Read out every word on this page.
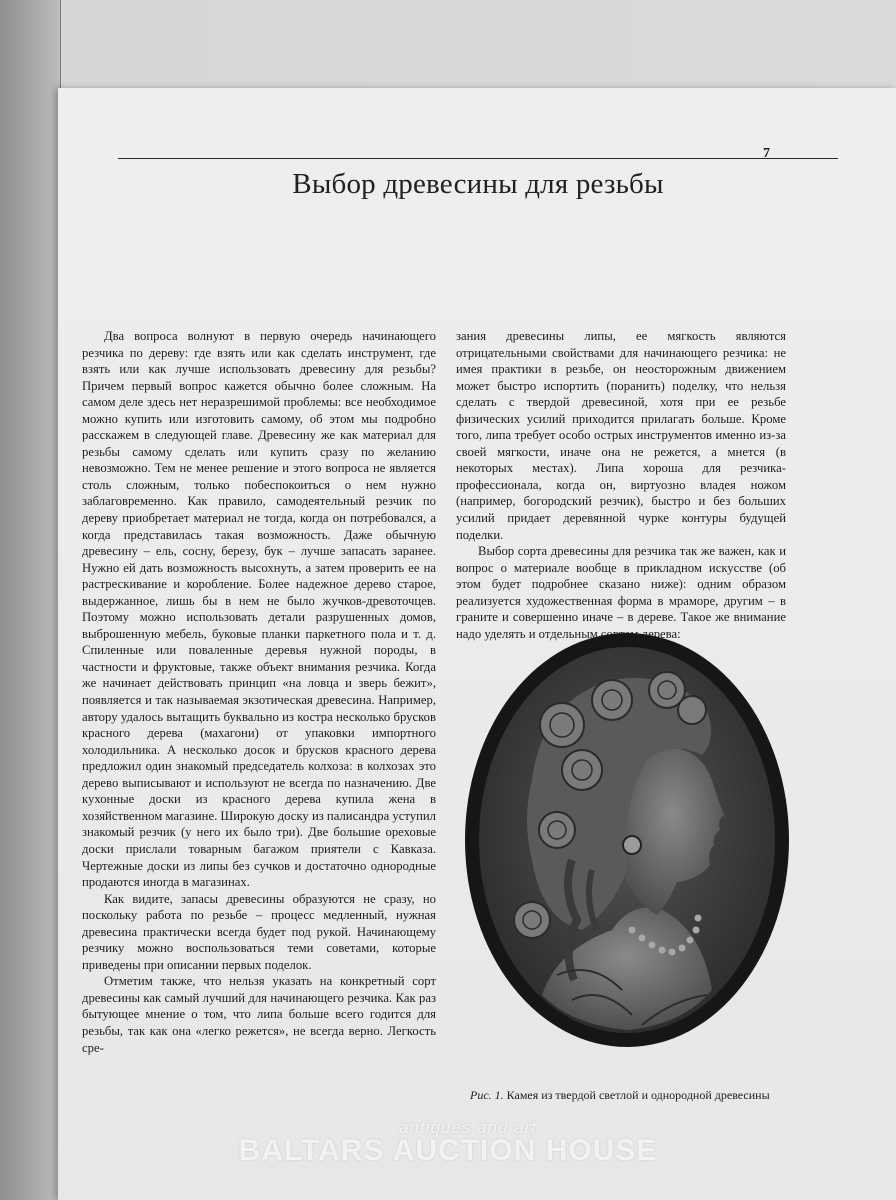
7
Выбор древесины для резьбы

Два вопроса волнуют в первую очередь начинающего резчика по дереву: где взять или как сделать инструмент, где взять или как лучше использовать древесину для резьбы? Причем первый вопрос кажется обычно более сложным. На самом деле здесь нет неразрешимой проблемы: все необходимое можно купить или изготовить самому, об этом мы подробно расскажем в следующей главе. Древесину же как материал для резьбы самому сделать или купить сразу по желанию невозможно. Тем не менее решение и этого вопроса не является столь сложным, только побеспокоиться о нем нужно заблаговременно. Как правило, самодеятельный резчик по дереву приобретает материал не тогда, когда он потребовался, а когда представилась такая возможность. Даже обычную древесину – ель, сосну, березу, бук – лучше запасать заранее. Нужно ей дать возможность высохнуть, а затем проверить ее на растрескивание и коробление. Более надежное дерево старое, выдержанное, лишь бы в нем не было жучков-древоточцев. Поэтому можно использовать детали разрушенных домов, выброшенную мебель, буковые планки паркетного пола и т. д. Спиленные или поваленные деревья нужной породы, в частности и фруктовые, также объект внимания резчика. Когда же начинает действовать принцип «на ловца и зверь бежит», появляется и так называемая экзотическая древесина. Например, автору удалось вытащить буквально из костра несколько брусков красного дерева (махагони) от упаковки импортного холодильника. А несколько досок и брусков красного дерева предложил один знакомый председатель колхоза: в колхозах это дерево выписывают и используют не всегда по назначению. Две кухонные доски из красного дерева купила жена в хозяйственном магазине. Широкую доску из палисандра уступил знакомый резчик (у него их было три). Две большие ореховые доски прислали товарным багажом приятели с Кавказа. Чертежные доски из липы без сучков и достаточно однородные продаются иногда в магазинах.

Как видите, запасы древесины образуются не сразу, но поскольку работа по резьбе – процесс медленный, нужная древесина практически всегда будет под рукой. Начинающему резчику можно воспользоваться теми советами, которые приведены при описании первых поделок.

Отметим также, что нельзя указать на конкретный сорт древесины как самый лучший для начинающего резчика. Как раз бытующее мнение о том, что липа больше всего годится для резьбы, так как она «легко режется», не всегда верно. Легкость сре-

зания древесины липы, ее мягкость являются отрицательными свойствами для начинающего резчика: не имея практики в резьбе, он неосторожным движением может быстро испортить (поранить) поделку, что нельзя сделать с твердой древесиной, хотя при ее резьбе физических усилий приходится прилагать больше. Кроме того, липа требует особо острых инструментов именно из-за своей мягкости, иначе она не режется, а мнется (в некоторых местах). Липа хороша для резчика-профессионала, когда он, виртуозно владея ножом (например, богородский резчик), быстро и без больших усилий придает деревянной чурке контуры будущей поделки.

Выбор сорта древесины для резчика так же важен, как и вопрос о материале вообще в прикладном искусстве (об этом будет подробнее сказано ниже): одним образом реализуется художественная форма в мраморе, другим – в граните и совершенно иначе – в дереве. Такое же внимание надо уделять и отдельным сортам дерева:

Рис. 1. Камея из твердой светлой и однородной древесины
antiques and art
BALTARS AUCTION HOUSE
